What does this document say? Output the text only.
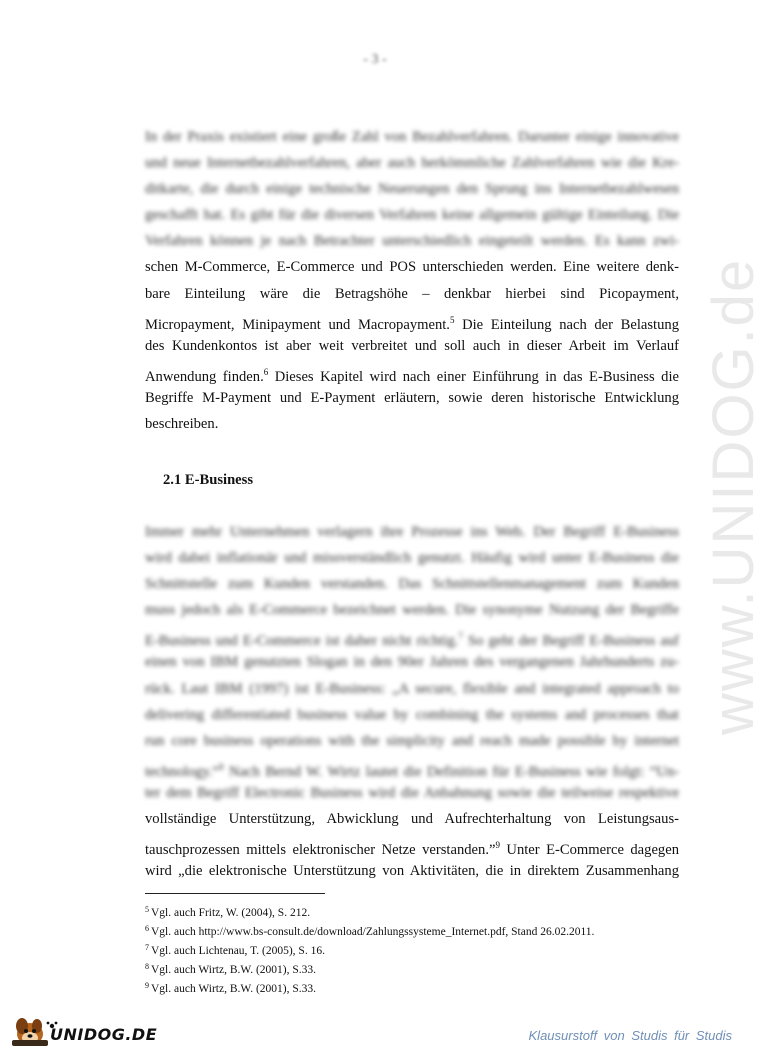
- 3 -
www.UNIDOG.de
In der Praxis existiert eine große Zahl von Bezahlverfahren. Darunter einige innovative
und neue Internetbezahlverfahren, aber auch herkömmliche Zahlverfahren wie die Kre-
ditkarte, die durch einige technische Neuerungen den Sprung ins Internetbezahlwesen
geschafft hat. Es gibt für die diversen Verfahren keine allgemein gültige Einteilung. Die
Verfahren können je nach Betrachter unterschiedlich eingeteilt werden. Es kann zwi-
schen M-Commerce, E-Commerce und POS unterschieden werden. Eine weitere denk-
bare Einteilung wäre die Betragshöhe – denkbar hierbei sind Picopayment,
Micropayment, Minipayment und Macropayment.$^5$ Die Einteilung nach der Belastung
des Kundenkontos ist aber weit verbreitet und soll auch in dieser Arbeit im Verlauf
Anwendung finden.$^6$ Dieses Kapitel wird nach einer Einführung in das E-Business die
Begriffe M-Payment und E-Payment erläutern, sowie deren historische Entwicklung
beschreiben.
2.1 E-Business
Immer mehr Unternehmen verlagern ihre Prozesse ins Web. Der Begriff E-Business
wird dabei inflationär und missverständlich genutzt. Häufig wird unter E-Business die
Schnittstelle zum Kunden verstanden. Das Schnittstellenmanagement zum Kunden
muss jedoch als E-Commerce bezeichnet werden. Die synonyme Nutzung der Begriffe
E-Business und E-Commerce ist daher nicht richtig.$^7$ So geht der Begriff E-Business auf
einen von IBM genutzten Slogan in den 90er Jahren des vergangenen Jahrhunderts zu-
rück. Laut IBM (1997) ist E-Business: „A secure, flexible and integrated approach to
delivering differentiated business value by combining the systems and processes that
run core business operations with the simplicity and reach made possible by internet
technology.“$^8$ Nach Bernd W. Wirtz lautet die Definition für E-Business wie folgt: “Un-
ter dem Begriff Electronic Business wird die Anbahnung sowie die teilweise respektive
vollständige Unterstützung, Abwicklung und Aufrechterhaltung von Leistungsaus-
tauschprozessen mittels elektronischer Netze verstanden.”$^9$ Unter E-Commerce dagegen
wird „die elektronische Unterstützung von Aktivitäten, die in direktem Zusammenhang
$^5$ Vgl. auch Fritz, W. (2004), S. 212.
$^6$ Vgl. auch http://www.bs-consult.de/download/Zahlungssysteme_Internet.pdf, Stand 26.02.2011.
$^7$ Vgl. auch Lichtenau, T. (2005), S. 16.
$^8$ Vgl. auch Wirtz, B.W. (2001), S.33.
$^9$ Vgl. auch Wirtz, B.W. (2001), S.33.
UNIDOG.DE	Klausurstoff von Studis für Studis
